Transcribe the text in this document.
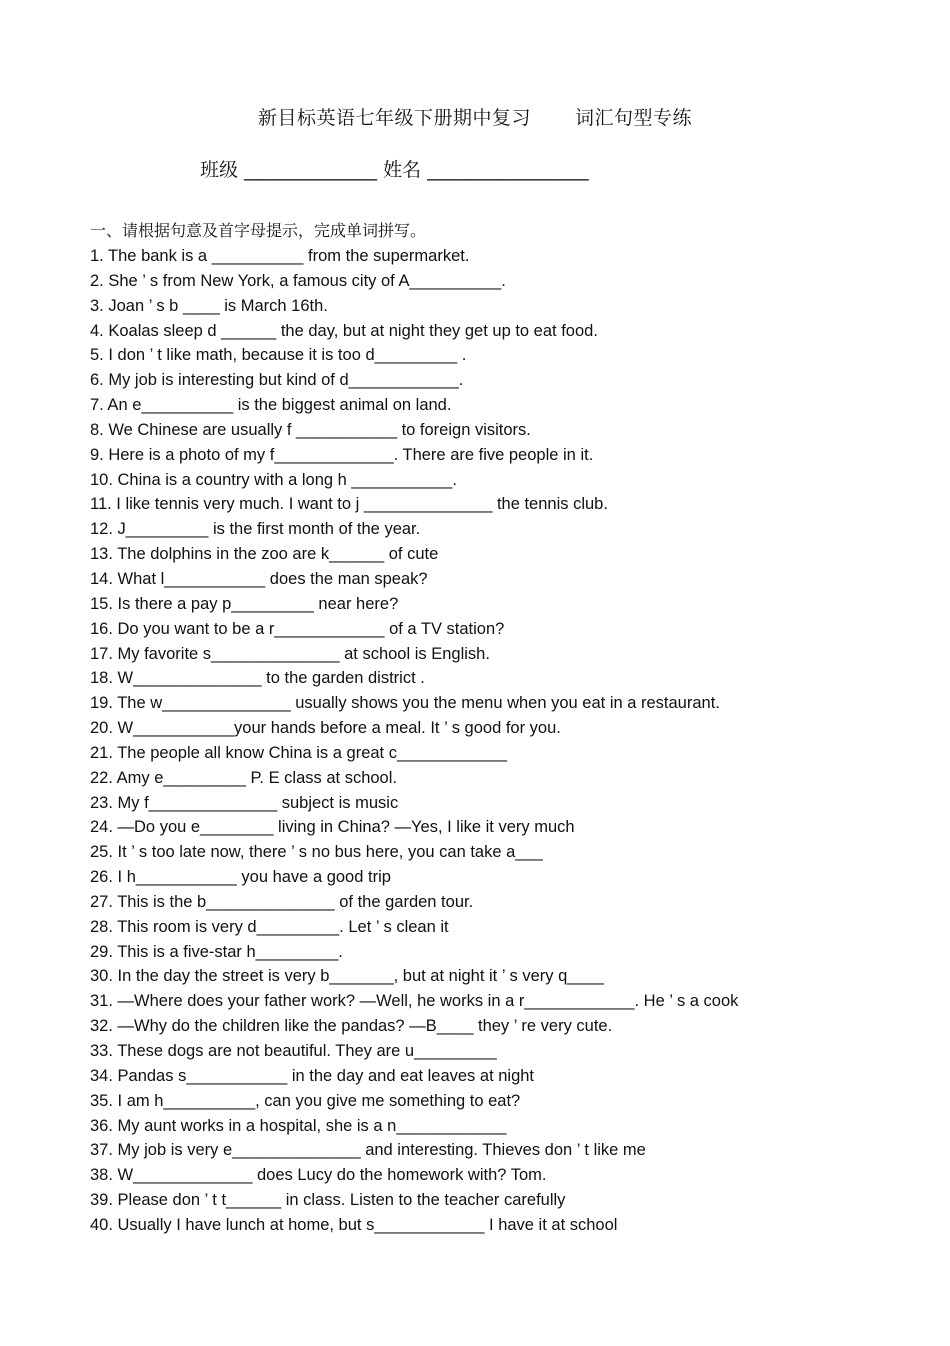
新目标英语七年级下册期中复习 词汇句型专练
班级 ______________ 姓名 _________________
一、请根据句意及首字母提示，完成单词拼写。
1. The bank is a __________ from the supermarket.
2. She ’ s from New York, a famous city of A__________.
3. Joan ’ s b ____ is March 16th.
4. Koalas sleep d ______ the day, but at night they get up to eat food.
5. I don ’ t like math, because it is too d_________ .
6. My job is interesting but kind of d____________.
7. An e__________ is the biggest animal on land.
8. We Chinese are usually f ___________ to foreign visitors.
9. Here is a photo of my f_____________. There are five people in it.
10. China is a country with a long h ___________.
11. I like tennis very much. I want to j ______________ the tennis club.
12. J_________ is the first month of the year.
13. The dolphins in the zoo are k______ of cute
14. What l___________ does the man speak?
15. Is there a pay p_________ near here?
16. Do you want to be a r____________ of a TV station?
17. My favorite s______________ at school is English.
18. W______________ to the garden district .
19. The w______________ usually shows you the menu when you eat in a restaurant.
20. W___________your hands before a meal. It ’ s good for you.
21. The people all know China is a great c____________
22. Amy e_________ P. E class at school.
23. My f______________ subject is music
24. —Do you e________ living in China? —Yes, I like it very much
25. It ’ s too late now, there ’ s no bus here, you can take a___
26. I h___________ you have a good trip
27. This is the b______________ of the garden tour.
28. This room is very d_________. Let ’ s clean it
29. This is a five-star h_________.
30. In the day the street is very b_______, but at night it ’ s very q____
31. —Where does your father work? —Well, he works in a r____________. He ’ s a cook
32. —Why do the children like the pandas? —B____ they ’ re very cute.
33. These dogs are not beautiful. They are u_________
34. Pandas s___________ in the day and eat leaves at night
35. I am h__________, can you give me something to eat?
36. My aunt works in a hospital, she is a n____________
37. My job is very e______________ and interesting. Thieves don ’ t like me
38. W_____________ does Lucy do the homework with? Tom.
39. Please don ’ t t______ in class. Listen to the teacher carefully
40. Usually I have lunch at home, but s____________ I have it at school
